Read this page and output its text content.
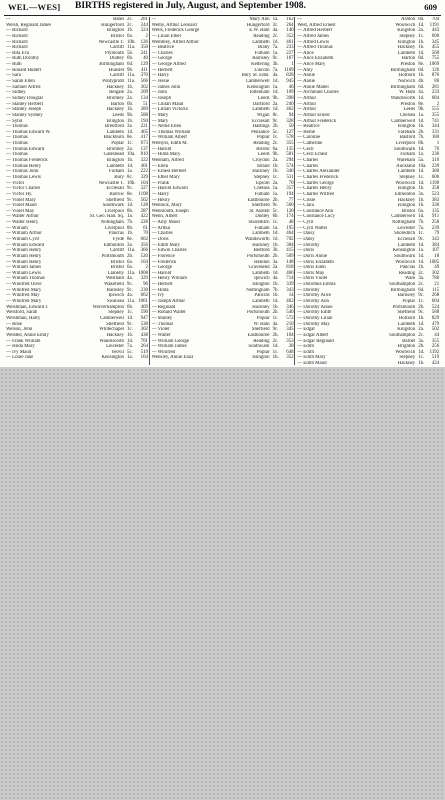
WEL—WES] BIRTHS registered in July, August, and September 1908.	609
—	Bates 2c.	281
Welsh, Reginald James	Hungerford 2c.	244
— Richard	Islington 1b.	324
— Richard	Bristol 6a.	2
— Richard	Newcastle T. 10b.	126
— Richard	Cardiff 11a.	350
— Rita Eva	Plymouth 5b.	241
— Ruth Dorothy	Dudley 6b.	40
— Ruth	Birmingham 6d.	129
— Ronald Hubert	Hunslet 9b.	411
— Sara	Cardiff 11a.	370
— Sarah Ellen	Pontypridd 11a.	566
— Samuel Alfred	Hackney 1b.	362
— Sidney	Reigate 2a.	209
— Sidney Douglas	Bromley 2a.	134
— Stanley Herbert	Barton 6b.	51
— Stanley Joseph	Hackney 1b.	389
— Stanley Sydney	Leeds 9b.	588
— Sybil	Islington 1b.	194
— Thomas	Brentford 3a.	221
— Thomas Edward W.	Lambeth 1d.	465
— Thomas	Blackburn 8e.	417
— Thomas	Poplar 1c.	673
— Thomas Edward	Bromley 2a.	137
— Thomas	Gateshead 10a.	810
— Thomas Frederick	Islington 1b.	322
— Thomas Henry	Lambeth 1d.	401
— Thomas John	Fulham 1a.	222
— Thomas Lewis	Bury 8c.	329
— Victor	Newcastle T. 10b.	104
— Victor Charles	Ecclesall 9c.	327
— Victor Hy.	Barrow 8e.	1108
— Violet Mary	Sheffield 9c.	562
— Violet Maud	Southwark 1d.	128
— Violet May	Liverpool 8b.	287
— Walter Arthur	St. Geo. Han. Sq. 1a.	422
— Walter Henry	Nottingham 7b.	228
— William	Liverpool 8b.	61
— William Arthur	Pancras 1b.	70
— William Cyril	Fylde 8e.	662
— William Edward	Edmonton 3a.	356
— William Henry	Cardiff 11a.	366
— William Henry	Portsmouth 2b.	520
— William Henry	Bristol 6a.	104
— William James	Bristol 6a.	2
— William Lewis	Llanelly 11a. 1008
— William Thomas	Westham 4a.	329
— Winifred Olive	Wakefield 9c.	96
— Winifred Mary	Barnsley 9c.	230
— Winifred May	Ipswich 4a.	662
— Winifred Mary	Swansea 11a. 1061
Welshman, Edward J.	Wolverhampton 6b.	469
Welsford, Sarah	Stepney 1c.	590
Welshman, Harry	Camberwell 1d.	947
— Rose	Sheffield 9c.	538
Welson, John	Whitechapel 1c.	302
Welsted, Annie Emily	Hackney 1b.	438
— Frank William	Wandsworth 1d.	701
— Hilda Mary	Leicester 7a.	264
— Ivy Maud	Yeovil 5c.	519
— Louie Jane	Kensington 1a.	164
—	Mary Ann 1a.	162
Welby, Arthur Leonard	Hungerford 2c.	264
Wells, Frederick George	E.W. Ham 4a.	140
— Lilian Ethel	Reading 2c.	352
Wembley, Alfred Arthur	Lambeth 1d.	461
— Beatrice	Blaby 7a.	233
— Charles	Fulham 1a.	227
— George	Barnsley 9c.	167
— George Alfred	Kettering 3b.	1
— Herbert	Lincoln 7a.	1109
— Harry	Bury St. Edm. 4a.	828
— Jessie	Camberwell 1d.	945
— James John	Kensington 1a.	46
— John	Tottenham 1d.	109
— Joseph	Leeds 9b.	398
— Lillian Maud	Dartford 2a.	240
— Lillian Victoria	Lambeth 1d.	462
— Mary	Wigan 8c.	94
— Mary	Ecclesall 9c.	328
— Nellie Ellen	Hastings 2b.	50
— Thomas William	Penzance 5c.	127
— William Albert	Poplar 1c.	578
Wemyss, Edith M.	Reading 2c.	355
— Harold	Bristol 6a.	135
— Hilda Mary	Leeds 9b.	581
Wenham, Alfred	Croydon 2a.	294
— Ellen	Strand 1b.	574
— Ernest Herbert	Hackney 1b.	346
— Ethel Mary	Stepney 1c.	511
— Frank	Epsom 2a.	70
— Harold Edward	Chelsea 1a.	357
— Harry	Fulham 1a.	194
— Henry	Eastbourne 2b.	77
Wenlock, Mary	Sheffield 9c.	560
Wenmouth, Joseph	St. Austell 5c.	130
Wenn, Albert	Dudley 6b.	174
— Amy Maud	Shoreditch 1c.	48
— Arthur	Fulham 1a.	195
— Charles	Lambeth 1d.	464
— Doris	Wandsworth 1d.	702
— Edith Mary	Hackney 1b.	384
— Edwin Charles	Bedford 3b.	415
— Florence	Portsmouth 2b.	509
— Frederick	Hendon 3a.	148
— George	Gravesend 2a.	818
— Harold	Lambeth 1d.	466
— Henry William	Ipswich 4a.	714
— Herbert	Islington 1b.	339
— Hilda	Nottingham 7b.	343
— Ivy	Pancras 1b.	14
— Joseph Arthur	Lambeth 1d.	462
— Reginald	Hackney 1b.	346
— Ronald Walter	Portsmouth 2b.	540
— Stanley	Poplar 1c.	572
— Thomas	W. Ham 4a.	210
— Violet	Sheffield 9c.	345
— Walter	Eastbourne 2b.	104
— William George	Reading 2c.	353
— William James	Southwark 1d.	28
— Winifred	Poplar 1c.	648
Wensley, Annie Eliza	Islington 1b.	352
—	Ashton 8d.	704
West, Alfred Ernest	Woolwich 1d.	1191
— Alfred Herbert	Kingston 2a.	443
— Alfred James	Stepney 1c.	600
— Alfred Lewis	Islington 1b.	345
— Alfred Thomas	Hackney 1b.	455
— Alice	Lambeth 1d.	560
— Alice Elizabeth	Barton 8d.	755
— Alice Mary	Preston 8e.	1069
— Amy	Birmingham 6d.	126
— Annie	Holborn 1b.	876
— Annie	Norwich 4b.	86
— Annie Mabel	Birmingham 6d.	281
— Archibald Charles	W. Ham 4a.	233
— Arthur	Wandsworth 1d.	684
— Arthur	Preston 8e.	2
— Arthur	Leeds 9b.	555
— Arthur Ernest	Chelsea 1a.	355
— Arthur Frederick	Camberwell 1d.	741
— Beatrice	Islington 1b.	344
— Bertie	Fareham 2b.	331
— Caroline	Basford 7b.	180
— Catherine	Liverpool 8b.	1
— Cecil	Southwark 1d.	76
— Cecil Ernest	Fulham 1a.	236
— Charles	Wareham 5a.	316
— Charles	Auckland 10a.	239
— Charles Alexander	Lambeth 1d.	380
— Charles Frederick	Stepney 1c.	606
— Charles George	Woolwich 1d.	1190
— Charles Henry	Islington 1b.	358
— Charles Wilfred	Edmonton 3a.	523
— Cissie	Hackney 1b.	383
— Clara	Islington 1b.	336
— Constance Ann	Bristol 6a.	135
— Constance Lucy	Camberwell 1d.	911
— Cyril	Nottingham 7b.	258
— Cyril Walter	Leicester 7a.	239
— Daisy	Shoreditch 1c.	79
— Daisy	Ecclesall 9c.	343
— Dorothy	Lambeth 1d.	384
— Doris	Kensington 1a.	107
— Doris Annie	Southwark 1d.	18
— Doris Elizabeth	Woolwich 1d.	1085
— Doris Ellen	Pancras 1b.	49
— Doris May	Reading 2c.	302
— Doris Violet	Ware 3a.	786
— Dorothea Emma	Southampton 2c.	21
— Dorothy	Birmingham 6d.	115
— Dorothy Alice	Barnsley 9c.	268
— Dorothy Ann	Poplar 1c.	604
— Dorothy Annie	Portsmouth 2b.	524
— Dorothy Edith	Sheffield 9c.	588
— Dorothy Lilian	Holborn 1b.	829
— Dorothy May	Lambeth 1d.	479
— Edgar	Kingston 2a.	502
— Edgar Albert	Southampton 2c.	44
— Edgar Reginald	Barnet 3a.	355
— Edith	Brighton 2b.	256
— Edith	Woolwich 1d.	1192
— Edith Mary	Stepney 1c.	519
— Edith Maud	Hackney 1b.	424
